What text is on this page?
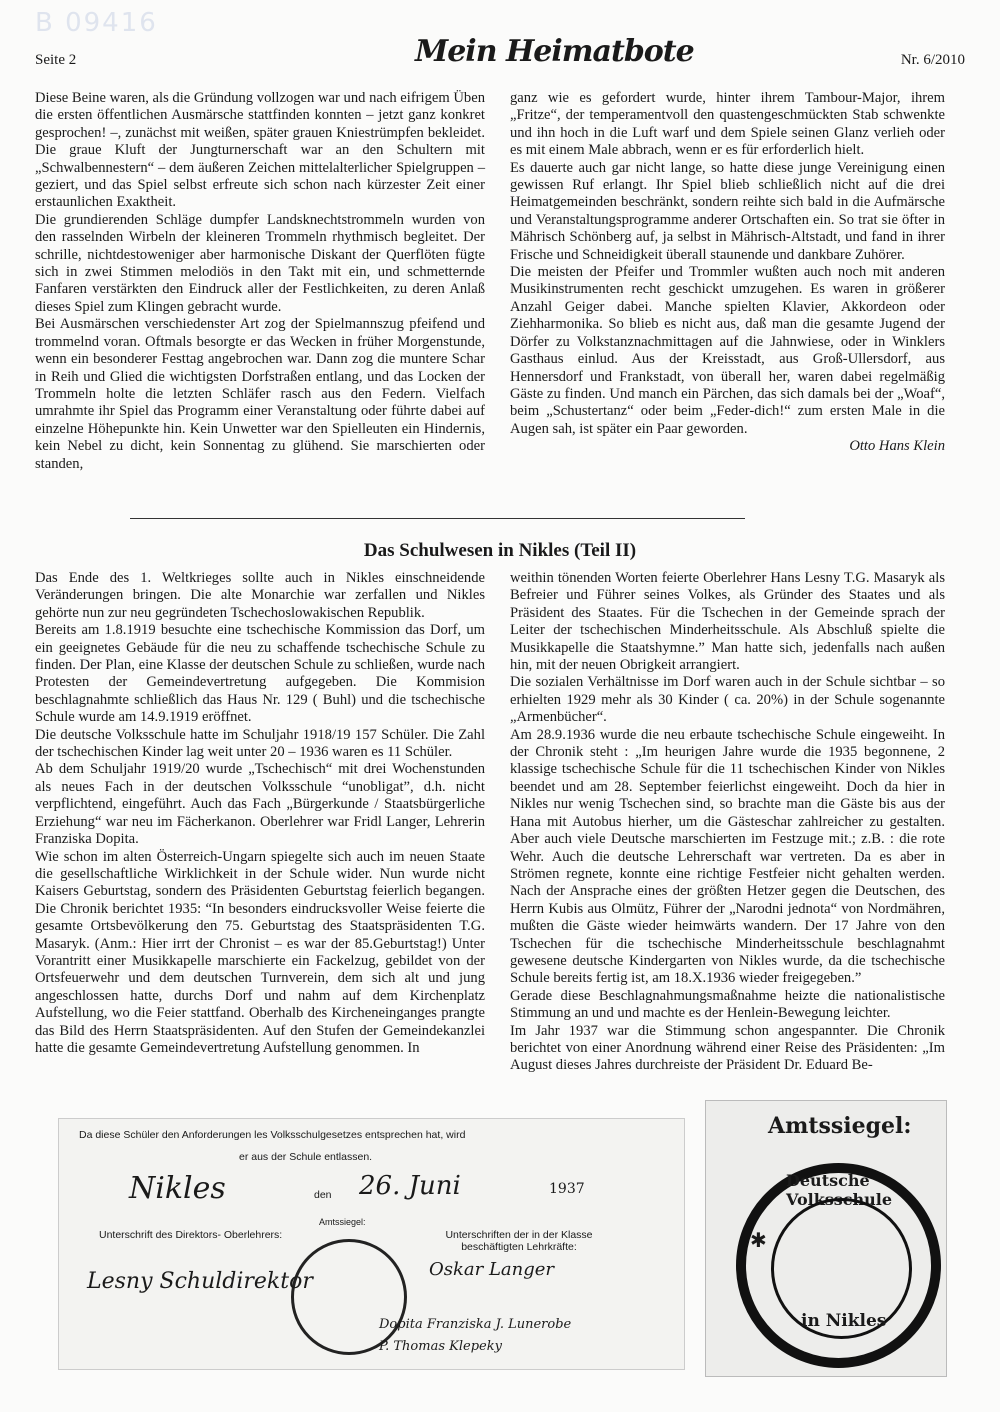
B 09416
Seite 2	Mein Heimatbote	Nr. 6/2010

Diese Beine waren, als die Gründung vollzogen war und nach eifrigem Üben die ersten öffentlichen Ausmärsche stattfinden konnten – jetzt ganz konkret gesprochen! –, zunächst mit weißen, später grauen Kniestrümpfen bekleidet. Die graue Kluft der Jungturnerschaft war an den Schultern mit „Schwalbennestern“ – dem äußeren Zeichen mittelalterlicher Spielgruppen – geziert, und das Spiel selbst erfreute sich schon nach kürzester Zeit einer erstaunlichen Exaktheit.

Die grundierenden Schläge dumpfer Landsknechtstrommeln wurden von den rasselnden Wirbeln der kleineren Trommeln rhythmisch begleitet. Der schrille, nichtdestoweniger aber harmonische Diskant der Querflöten fügte sich in zwei Stimmen melodiös in den Takt mit ein, und schmetternde Fanfaren verstärkten den Eindruck aller der Festlichkeiten, zu deren Anlaß dieses Spiel zum Klingen gebracht wurde.

Bei Ausmärschen verschiedenster Art zog der Spielmannszug pfeifend und trommelnd voran. Oftmals besorgte er das Wecken in früher Morgenstunde, wenn ein besonderer Festtag angebrochen war. Dann zog die muntere Schar in Reih und Glied die wichtigsten Dorfstraßen entlang, und das Locken der Trommeln holte die letzten Schläfer rasch aus den Federn. Vielfach umrahmte ihr Spiel das Programm einer Veranstaltung oder führte dabei auf einzelne Höhepunkte hin. Kein Unwetter war den Spielleuten ein Hindernis, kein Nebel zu dicht, kein Sonnentag zu glühend. Sie marschierten oder standen,

ganz wie es gefordert wurde, hinter ihrem Tambour-Major, ihrem „Fritze“, der temperamentvoll den quastengeschmückten Stab schwenkte und ihn hoch in die Luft warf und dem Spiele seinen Glanz verlieh oder es mit einem Male abbrach, wenn er es für erforderlich hielt.

Es dauerte auch gar nicht lange, so hatte diese junge Vereinigung einen gewissen Ruf erlangt. Ihr Spiel blieb schließlich nicht auf die drei Heimatgemeinden beschränkt, sondern reihte sich bald in die Aufmärsche und Veranstaltungsprogramme anderer Ortschaften ein. So trat sie öfter in Mährisch Schönberg auf, ja selbst in Mährisch-Altstadt, und fand in ihrer Frische und Schneidigkeit überall staunende und dankbare Zuhörer.

Die meisten der Pfeifer und Trommler wußten auch noch mit anderen Musikinstrumenten recht geschickt umzugehen. Es waren in größerer Anzahl Geiger dabei. Manche spielten Klavier, Akkordeon oder Ziehharmonika. So blieb es nicht aus, daß man die gesamte Jugend der Dörfer zu Volkstanznachmittagen auf die Jahnwiese, oder in Winklers Gasthaus einlud. Aus der Kreisstadt, aus Groß-Ullersdorf, aus Hennersdorf und Frankstadt, von überall her, waren dabei regelmäßig Gäste zu finden. Und manch ein Pärchen, das sich damals bei der „Woaf“, beim „Schustertanz“ oder beim „Feder-dich!“ zum ersten Male in die Augen sah, ist später ein Paar geworden.

Otto Hans Klein

Das Schulwesen in Nikles (Teil II)

Das Ende des 1. Weltkrieges sollte auch in Nikles einschneidende Veränderungen bringen. Die alte Monarchie war zerfallen und Nikles gehörte nun zur neu gegründeten Tschechoslowakischen Republik.

Bereits am 1.8.1919 besuchte eine tschechische Kommission das Dorf, um ein geeignetes Gebäude für die neu zu schaffende tschechische Schule zu finden. Der Plan, eine Klasse der deutschen Schule zu schließen, wurde nach Protesten der Gemeindevertretung aufgegeben. Die Kommision beschlagnahmte schließlich das Haus Nr. 129 ( Buhl) und die tschechische Schule wurde am 14.9.1919 eröffnet.

Die deutsche Volksschule hatte im Schuljahr 1918/19 157 Schüler. Die Zahl der tschechischen Kinder lag weit unter 20 – 1936 waren es 11 Schüler.

Ab dem Schuljahr 1919/20 wurde „Tschechisch“ mit drei Wochenstunden als neues Fach in der deutschen Volksschule “unobligat”, d.h. nicht verpflichtend, eingeführt. Auch das Fach „Bürgerkunde / Staatsbürgerliche Erziehung“ war neu im Fächerkanon. Oberlehrer war Fridl Langer, Lehrerin Franziska Dopita.

Wie schon im alten Österreich-Ungarn spiegelte sich auch im neuen Staate die gesellschaftliche Wirklichkeit in der Schule wider. Nun wurde nicht Kaisers Geburtstag, sondern des Präsidenten Geburtstag feierlich begangen. Die Chronik berichtet 1935: “In besonders eindrucksvoller Weise feierte die gesamte Ortsbevölkerung den 75. Geburtstag des Staatspräsidenten T.G. Masaryk. (Anm.: Hier irrt der Chronist – es war der 85.Geburtstag!) Unter Vorantritt einer Musikkapelle marschierte ein Fackelzug, gebildet von der Ortsfeuerwehr und dem deutschen Turnverein, dem sich alt und jung angeschlossen hatte, durchs Dorf und nahm auf dem Kirchenplatz Aufstellung, wo die Feier stattfand. Oberhalb des Kircheneinganges prangte das Bild des Herrn Staatspräsidenten. Auf den Stufen der Gemeindekanzlei hatte die gesamte Gemeindevertretung Aufstellung genommen. In

weithin tönenden Worten feierte Oberlehrer Hans Lesny T.G. Masaryk als Befreier und Führer seines Volkes, als Gründer des Staates und als Präsident des Staates. Für die Tschechen in der Gemeinde sprach der Leiter der tschechischen Minderheitsschule. Als Abschluß spielte die Musikkapelle die Staatshymne.” Man hatte sich, jedenfalls nach außen hin, mit der neuen Obrigkeit arrangiert.

Die sozialen Verhältnisse im Dorf waren auch in der Schule sichtbar – so erhielten 1929 mehr als 30 Kinder ( ca. 20%) in der Schule sogenannte „Armenbücher“.

Am 28.9.1936 wurde die neu erbaute tschechische Schule eingeweiht. In der Chronik steht : „Im heurigen Jahre wurde die 1935 begonnene, 2 klassige tschechische Schule für die 11 tschechischen Kinder von Nikles beendet und am 28. September feierlichst eingeweiht. Doch da hier in Nikles nur wenig Tschechen sind, so brachte man die Gäste bis aus der Hana mit Autobus hierher, um die Gästeschar zahlreicher zu gestalten. Aber auch viele Deutsche marschierten im Festzuge mit.; z.B. : die rote Wehr. Auch die deutsche Lehrerschaft war vertreten. Da es aber in Strömen regnete, konnte eine richtige Festfeier nicht gehalten werden. Nach der Ansprache eines der größten Hetzer gegen die Deutschen, des Herrn Kubis aus Olmütz, Führer der „Narodni jednota“ von Nordmähren, mußten die Gäste wieder heimwärts wandern. Der 17 Jahre von den Tschechen für die tschechische Minderheitsschule beschlagnahmt gewesene deutsche Kindergarten von Nikles wurde, da die tschechische Schule bereits fertig ist, am 18.X.1936 wieder freigegeben.”

Gerade diese Beschlagnahmungsmaßnahme heizte die nationalistische Stimmung an und und machte es der Henlein-Bewegung leichter.

Im Jahr 1937 war die Stimmung schon angespannter. Die Chronik berichtet von einer Anordnung während einer Reise des Präsidenten: „Im August dieses Jahres durchreiste der Präsident Dr. Eduard Be-

Da diese Schüler den Anforderungen les Volksschulgesetzes entsprechen hat, wird
er aus der Schule entlassen.
Nikles	den 26. Juni	1937
Amtssiegel:
Unterschrift des Direktors- Oberlehrers:	Unterschriften der in der Klasse beschäftigten Lehrkräfte:
Lesny Schuldirektor	Oskar Langer
Dopita Franziska J. Lunerobe
P. Thomas Klepeky
Amtssiegel:
Deutsche Volksschule
✱
in Nikles
